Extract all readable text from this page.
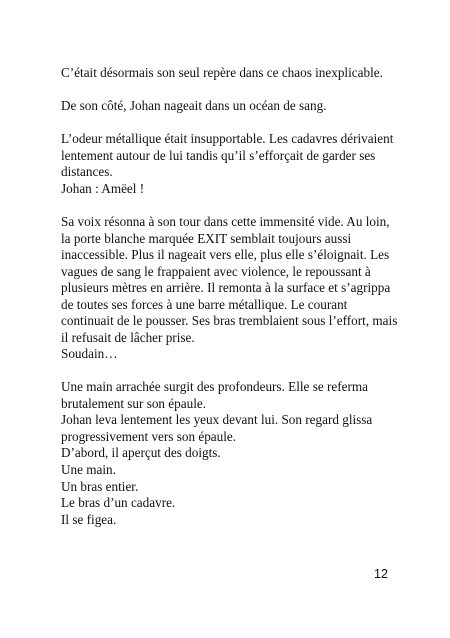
C’était désormais son seul repère dans ce chaos inexplicable.

De son côté, Johan nageait dans un océan de sang.

L’odeur métallique était insupportable. Les cadavres dérivaient

lentement autour de lui tandis qu’il s’efforçait de garder ses

distances.

Johan : Amëel !

Sa voix résonna à son tour dans cette immensité vide. Au loin,

la porte blanche marquée EXIT semblait toujours aussi

inaccessible. Plus il nageait vers elle, plus elle s’éloignait. Les

vagues de sang le frappaient avec violence, le repoussant à

plusieurs mètres en arrière. Il remonta à la surface et s’agrippa

de toutes ses forces à une barre métallique. Le courant

continuait de le pousser. Ses bras tremblaient sous l’effort, mais

il refusait de lâcher prise.

Soudain…

Une main arrachée surgit des profondeurs. Elle se referma

brutalement sur son épaule.

Johan leva lentement les yeux devant lui. Son regard glissa

progressivement vers son épaule.

D’abord, il aperçut des doigts.

Une main.

Un bras entier.

Le bras d’un cadavre.

Il se figea.

12
